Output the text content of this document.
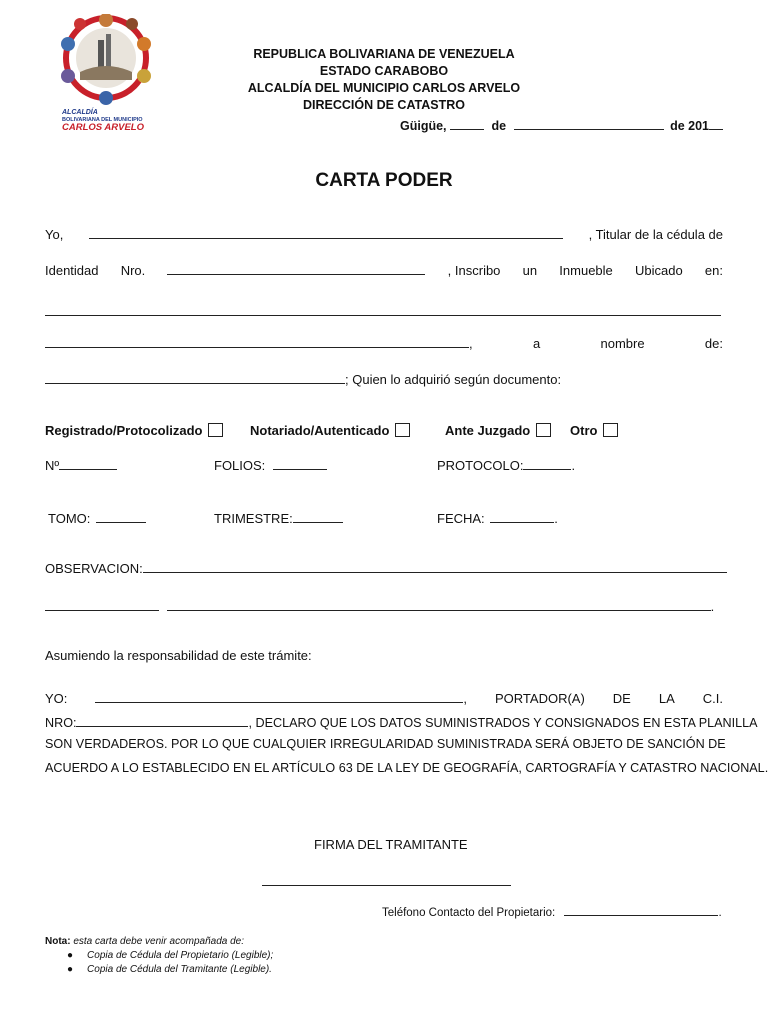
ALCALDÍA
BOLIVARIANA DEL MUNICIPIO
CARLOS ARVELO
REPUBLICA BOLIVARIANA DE VENEZUELA
ESTADO CARABOBO
ALCALDÍA DEL MUNICIPIO CARLOS ARVELO
DIRECCIÓN DE CATASTRO
Güigüe,	de	de 201
CARTA PODER
Yo,	, Titular de la cédula de
Identidad Nro.	, Inscribo un Inmueble Ubicado en:
,	a	nombre	de:
; Quien lo adquirió según documento:
Registrado/Protocolizado	Notariado/Autenticado	Ante Juzgado	Otro
Nº	FOLIOS:	PROTOCOLO:	.
TOMO:	TRIMESTRE:	FECHA:	.
OBSERVACION:
.
Asumiendo la responsabilidad de este trámite:
YO:	, PORTADOR(A) DE LA C.I.
NRO:	, DECLARO QUE LOS DATOS SUMINISTRADOS Y CONSIGNADOS EN ESTA PLANILLA
SON VERDADEROS. POR LO QUE CUALQUIER IRREGULARIDAD SUMINISTRADA SERÁ OBJETO DE SANCIÓN DE
ACUERDO A LO ESTABLECIDO EN EL ARTÍCULO 63 DE LA LEY DE GEOGRAFÍA, CARTOGRAFÍA Y CATASTRO NACIONAL.
FIRMA DEL TRAMITANTE
Teléfono Contacto del Propietario:	.
Nota: esta carta debe venir acompañada de:
● Copia de Cédula del Propietario (Legible);
● Copia de Cédula del Tramitante (Legible).
